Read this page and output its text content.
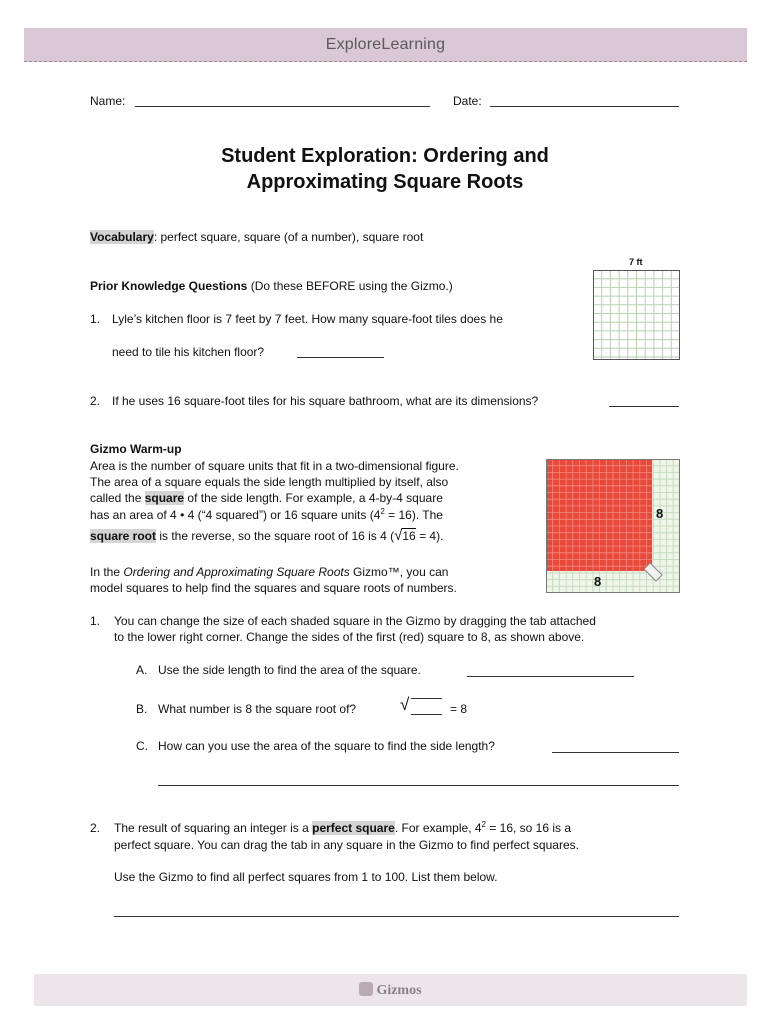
ExploreLearning
Name:	Date:
Student Exploration: Ordering and
Approximating Square Roots
Vocabulary: perfect square, square (of a number), square root
Prior Knowledge Questions (Do these BEFORE using the Gizmo.)
1. Lyle’s kitchen floor is 7 feet by 7 feet. How many square-foot tiles does he
need to tile his kitchen floor?
7 ft
2. If he uses 16 square-foot tiles for his square bathroom, what are its dimensions?
Gizmo Warm-up
Area is the number of square units that fit in a two-dimensional figure.
The area of a square equals the side length multiplied by itself, also
called the square of the side length. For example, a 4-by-4 square
has an area of 4 • 4 (“4 squared”) or 16 square units $(4^2 = 16)$. The
square root is the reverse, so the square root of 16 is 4 (√16 = 4).
In the Ordering and Approximating Square Roots Gizmo™, you can
model squares to help find the squares and square roots of numbers.
8
8
1. You can change the size of each shaded square in the Gizmo by dragging the tab attached
to the lower right corner. Change the sides of the first (red) square to 8, as shown above.
A. Use the side length to find the area of the square.
B. What number is 8 the square root of?	√	= 8
C. How can you use the area of the square to find the side length?
2. The result of squaring an integer is a perfect square. For example, $4^2 = 16$, so 16 is a
perfect square. You can drag the tab in any square in the Gizmo to find perfect squares.
Use the Gizmo to find all perfect squares from 1 to 100. List them below.
Gizmos
